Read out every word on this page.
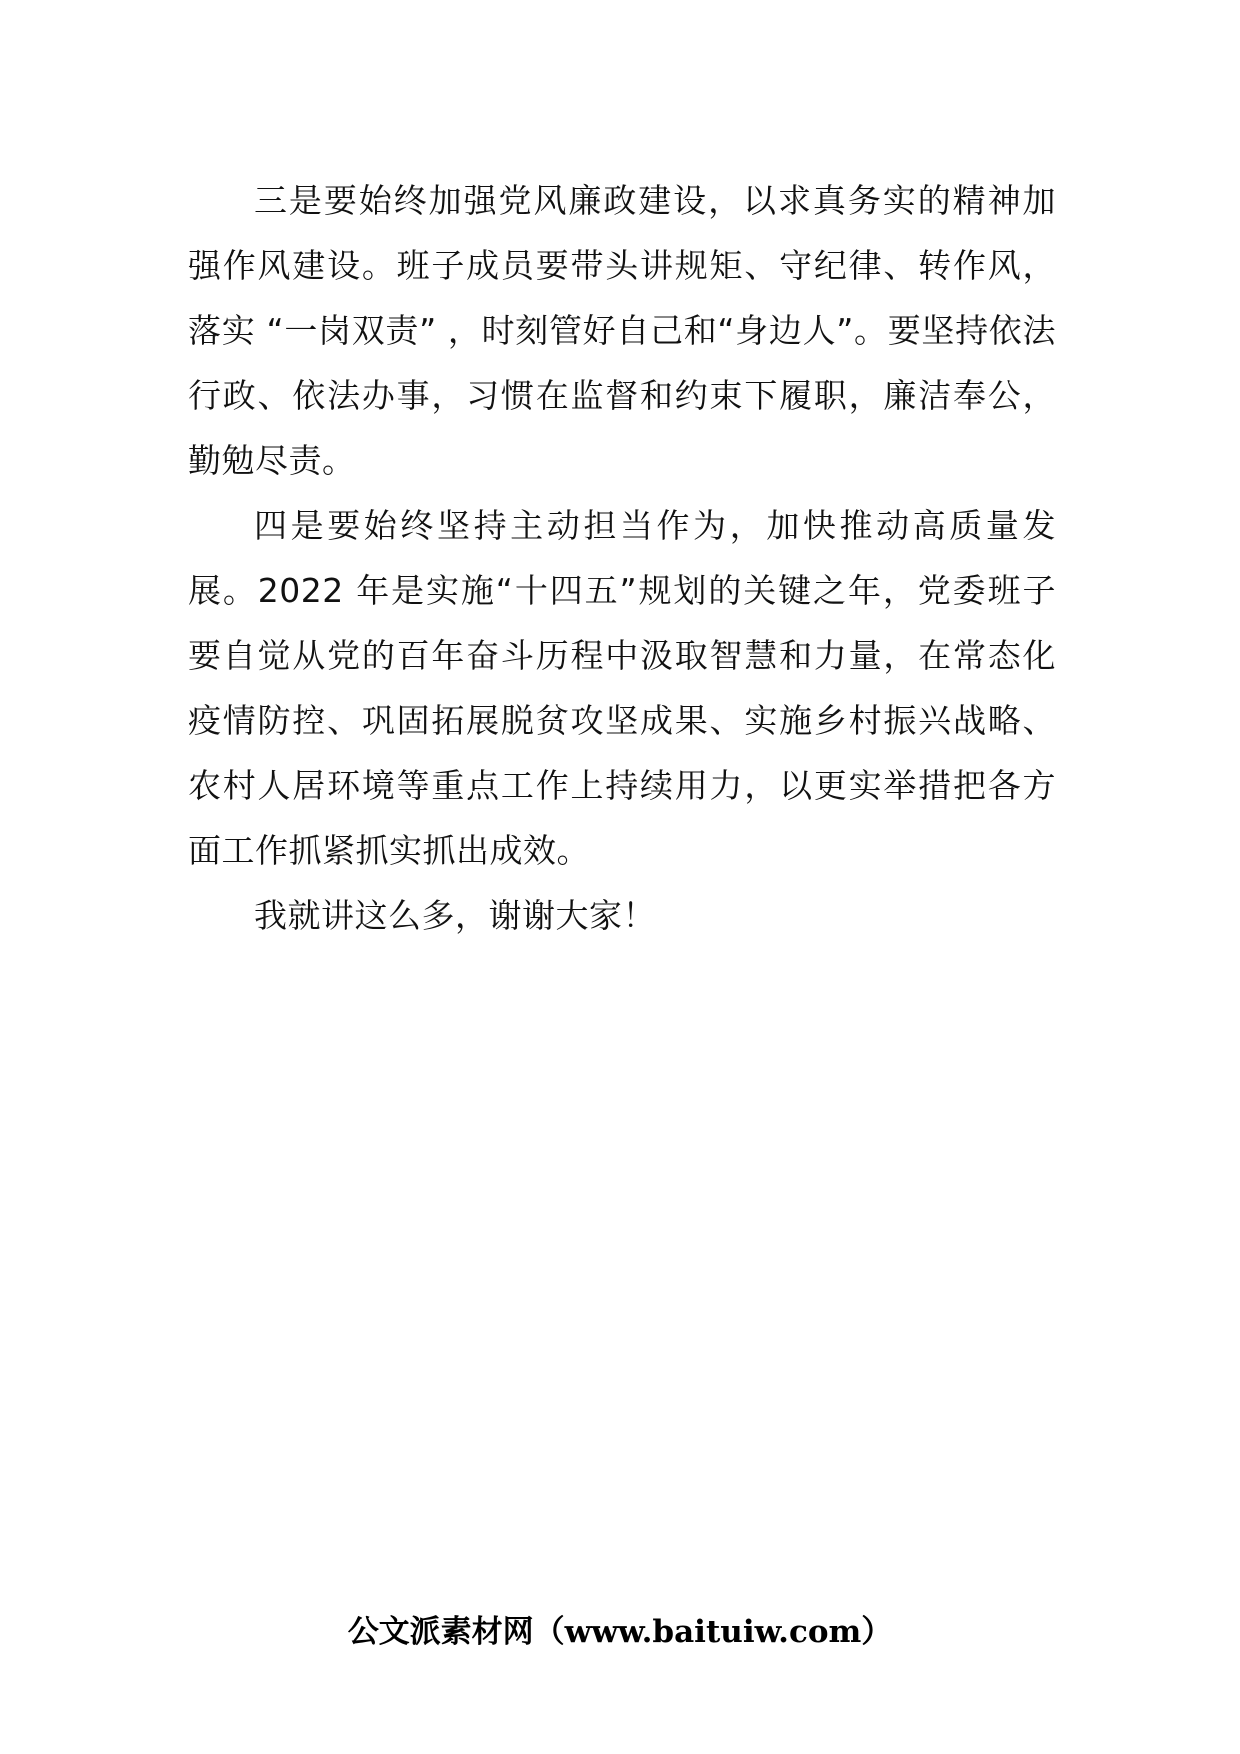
三是要始终加强党风廉政建设，以求真务实的精神加强作风建设。班子成员要带头讲规矩、守纪律、转作风，落实 “一岗双责” ，时刻管好自己和“身边人”。要坚持依法行政、依法办事，习惯在监督和约束下履职，廉洁奉公，勤勉尽责。

四是要始终坚持主动担当作为，加快推动高质量发展。2022 年是实施“十四五”规划的关键之年，党委班子要自觉从党的百年奋斗历程中汲取智慧和力量，在常态化疫情防控、巩固拓展脱贫攻坚成果、实施乡村振兴战略、农村人居环境等重点工作上持续用力，以更实举措把各方面工作抓紧抓实抓出成效。

我就讲这么多，谢谢大家！

公文派素材网（www.baituiw.com）
